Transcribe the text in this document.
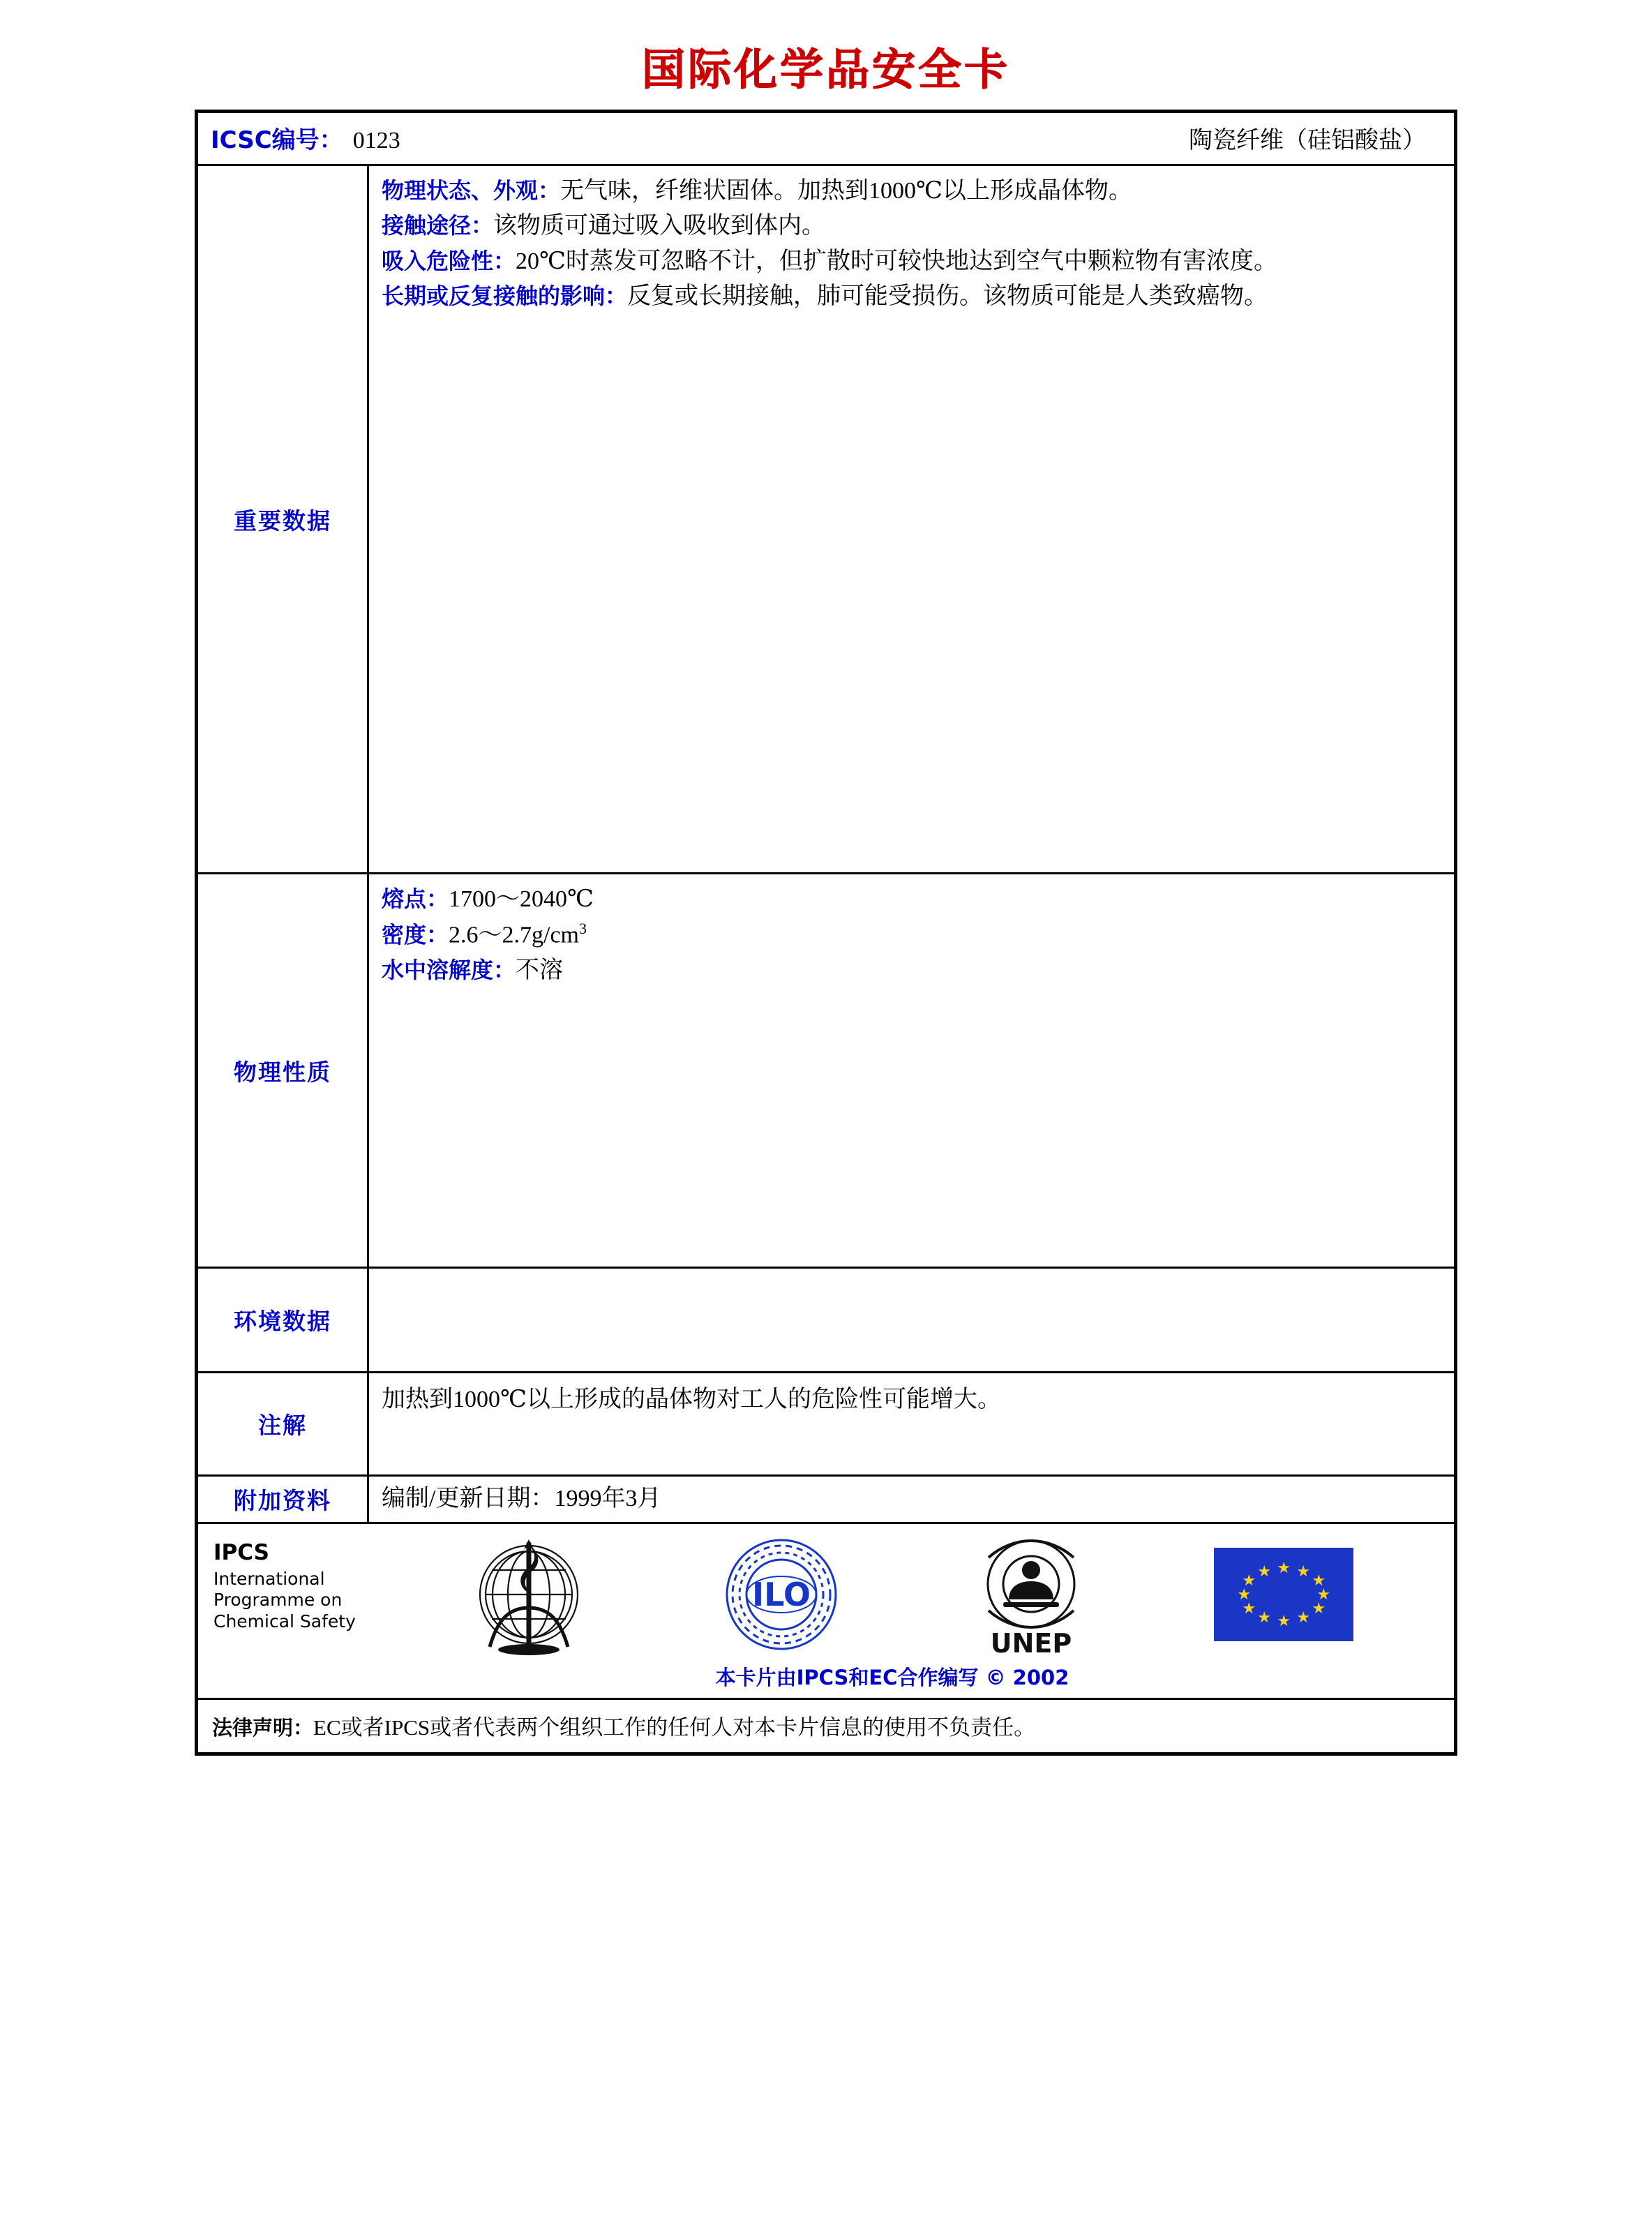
国际化学品安全卡
ICSC编号： 0123	陶瓷纤维（硅铝酸盐）
重要数据

物理状态、外观：无气味，纤维状固体。加热到1000℃以上形成晶体物。

接触途径：该物质可通过吸入吸收到体内。

吸入危险性：20℃时蒸发可忽略不计，但扩散时可较快地达到空气中颗粒物有害浓度。

长期或反复接触的影响：反复或长期接触，肺可能受损伤。该物质可能是人类致癌物。

物理性质

熔点：1700～2040℃

密度：$2.6\sim 2.7g/cm^3$

水中溶解度：不溶

环境数据
注解
加热到1000℃以上形成的晶体物对工人的危险性可能增大。
附加资料	编制/更新日期：1999年3月
IPCS
International
Programme on
Chemical Safety
ILO
UNEP
★ ★
★
★
★
★
★
★
★
★
★
★
本卡片由IPCS和EC合作编写 © 2002
法律声明：EC或者IPCS或者代表两个组织工作的任何人对本卡片信息的使用不负责任。
